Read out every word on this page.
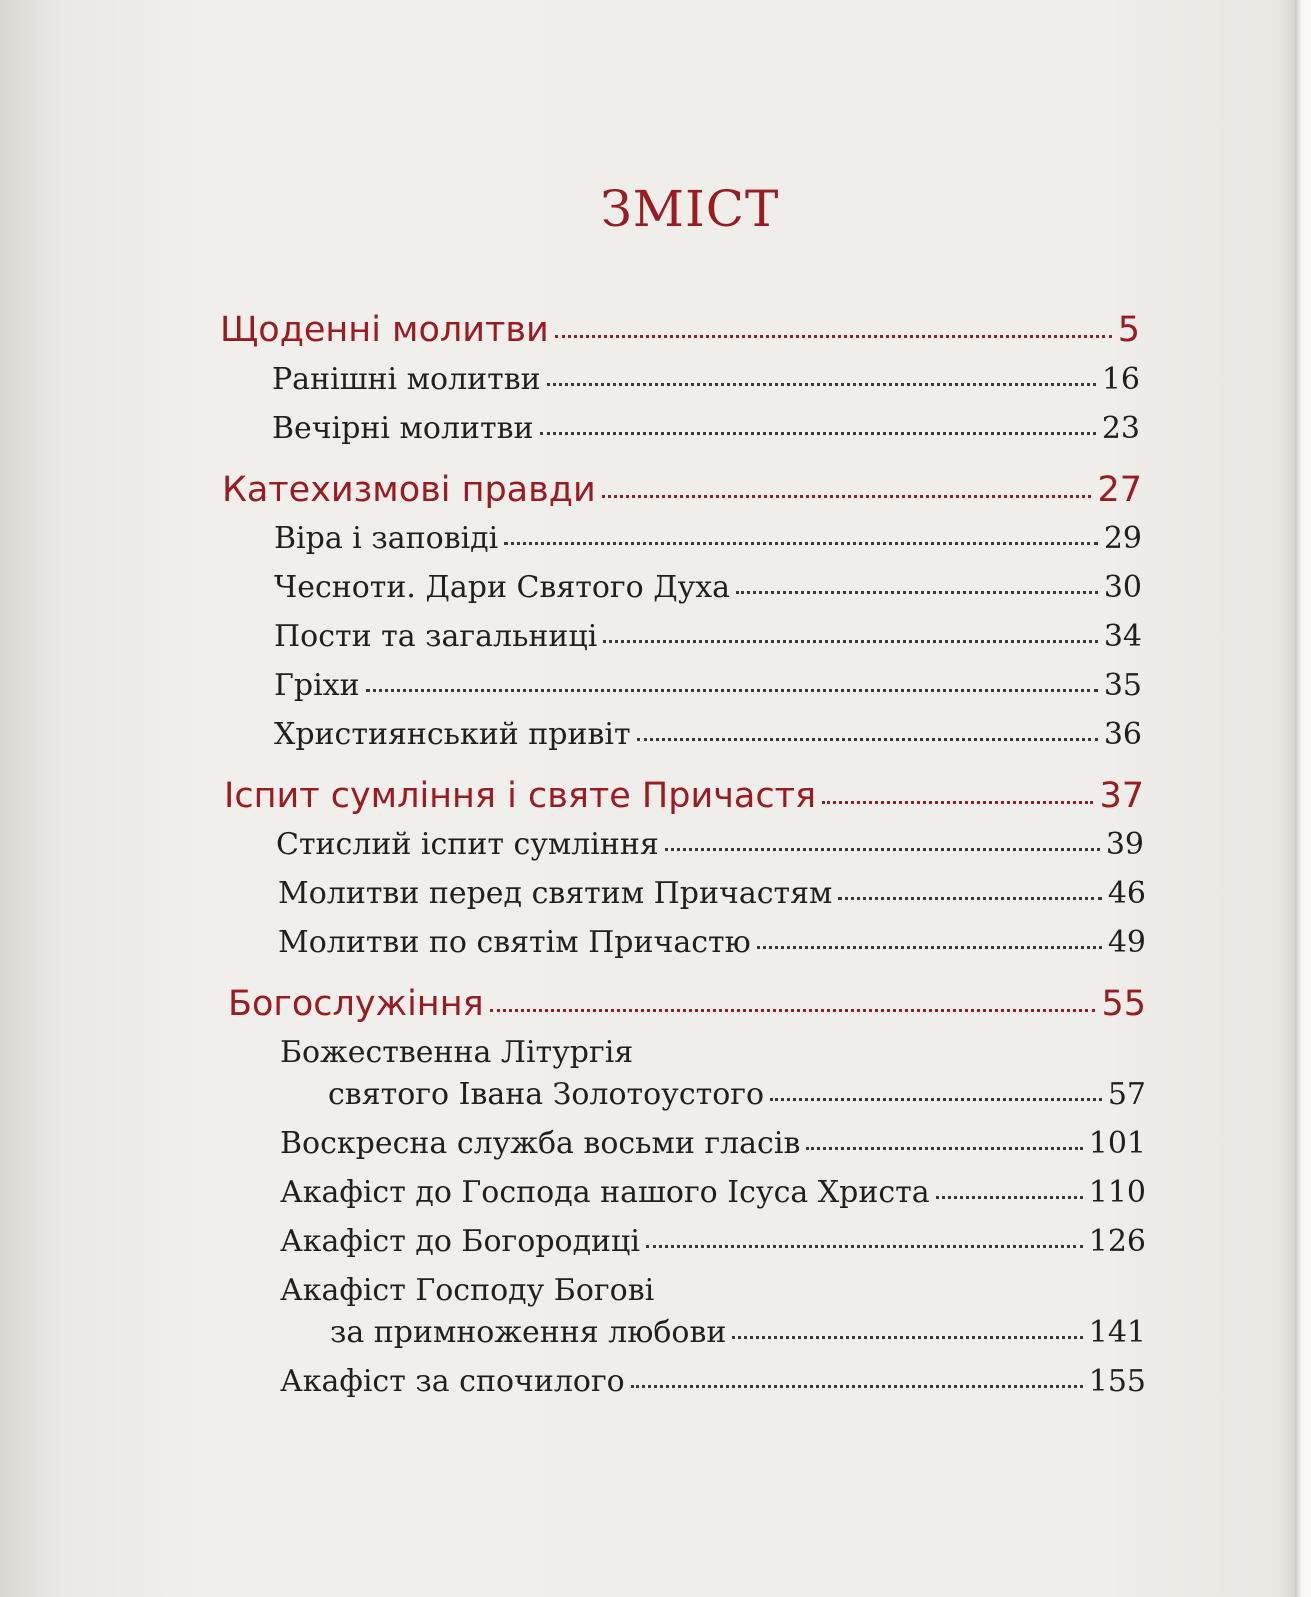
ЗМІСТ
Щоденні молитви	5
Ранішні молитви	16
Вечірні молитви	23
Катехизмові правди	27
Віра і заповіді	29
Чесноти. Дари Святого Духа	30
Пости та загальниці	34
Гріхи	35
Християнський привіт	36
Іспит сумління і святе Причастя	37
Стислий іспит сумління	39
Молитви перед святим Причастям	46
Молитви по святім Причастю	49
Богослужіння	55
Божественна Літургія
святого Івана Золотоустого	57
Воскресна служба восьми гласів	101
Акафіст до Господа нашого Ісуса Христа	110
Акафіст до Богородиці	126
Акафіст Господу Богові
за примноження любови	141
Акафіст за спочилого	155
